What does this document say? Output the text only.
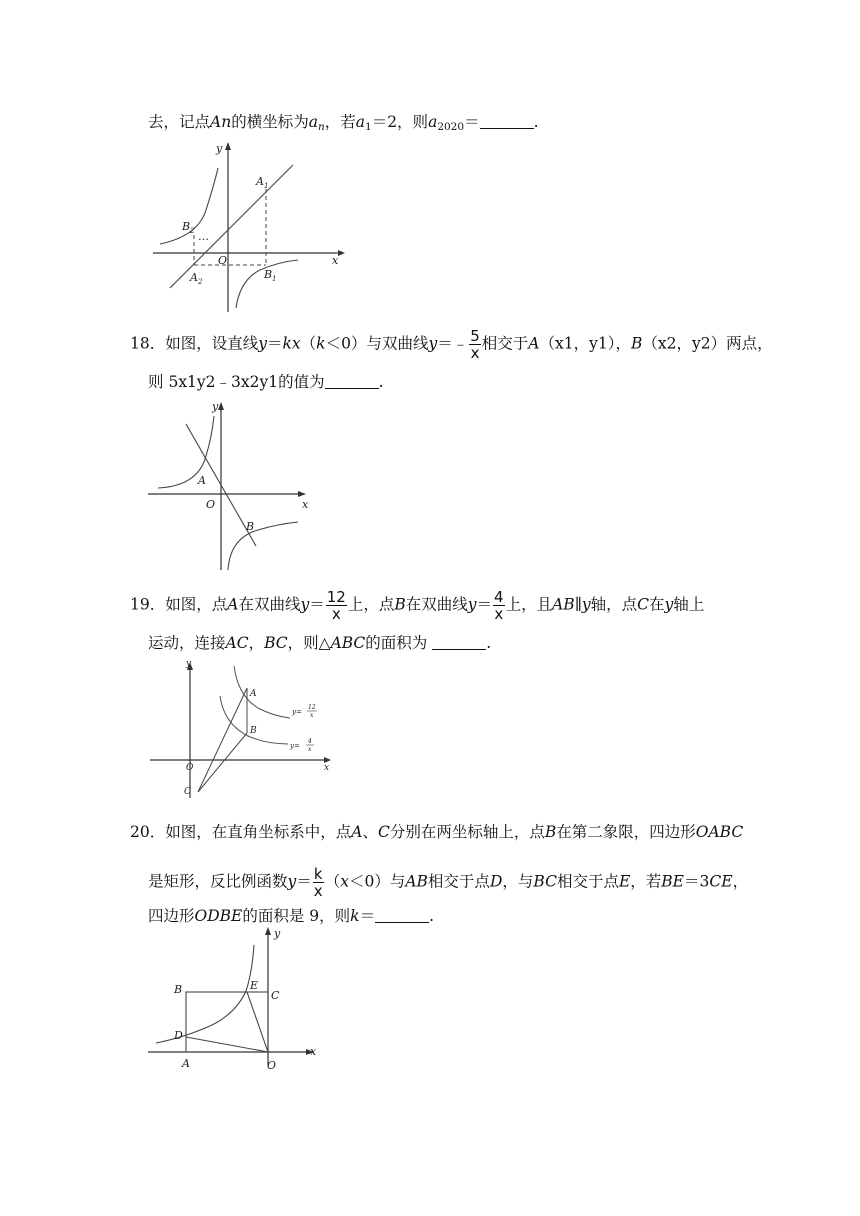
去，记点An的横坐标为$a_n$，若$a_1=2$，则$a_{2020}=$	.
x
y
O
A 1
B 1
A 2
B 2 …
18．如图，设直线y＝kx（k＜0）与双曲线y＝﹣ $\frac{5}{x}$ 相交于A（x1，y1），B（x2，y2）两点，
则 5x1y2﹣3x2y1的值为	.
x
y
O
A
B
19．如图，点A在双曲线$y= \frac{12}{x}$ 上，点B在双曲线$y= \frac{4}{x}$ 上，且AB∥y轴，点C在y轴上
运动，连接AC，BC，则△ABC的面积为	.
x
y
O
C
A
B
y=
12
x
y=
4
x
20．如图，在直角坐标系中，点A、C分别在两坐标轴上，点B在第二象限，四边形OABC
是矩形，反比例函数$y= \frac{k}{x} (x<0)$与AB相交于点D，与BC相交于点E，若BE＝3CE，
四边形ODBE的面积是 9，则k＝	.
x
y
O
B	E
C
D
A
